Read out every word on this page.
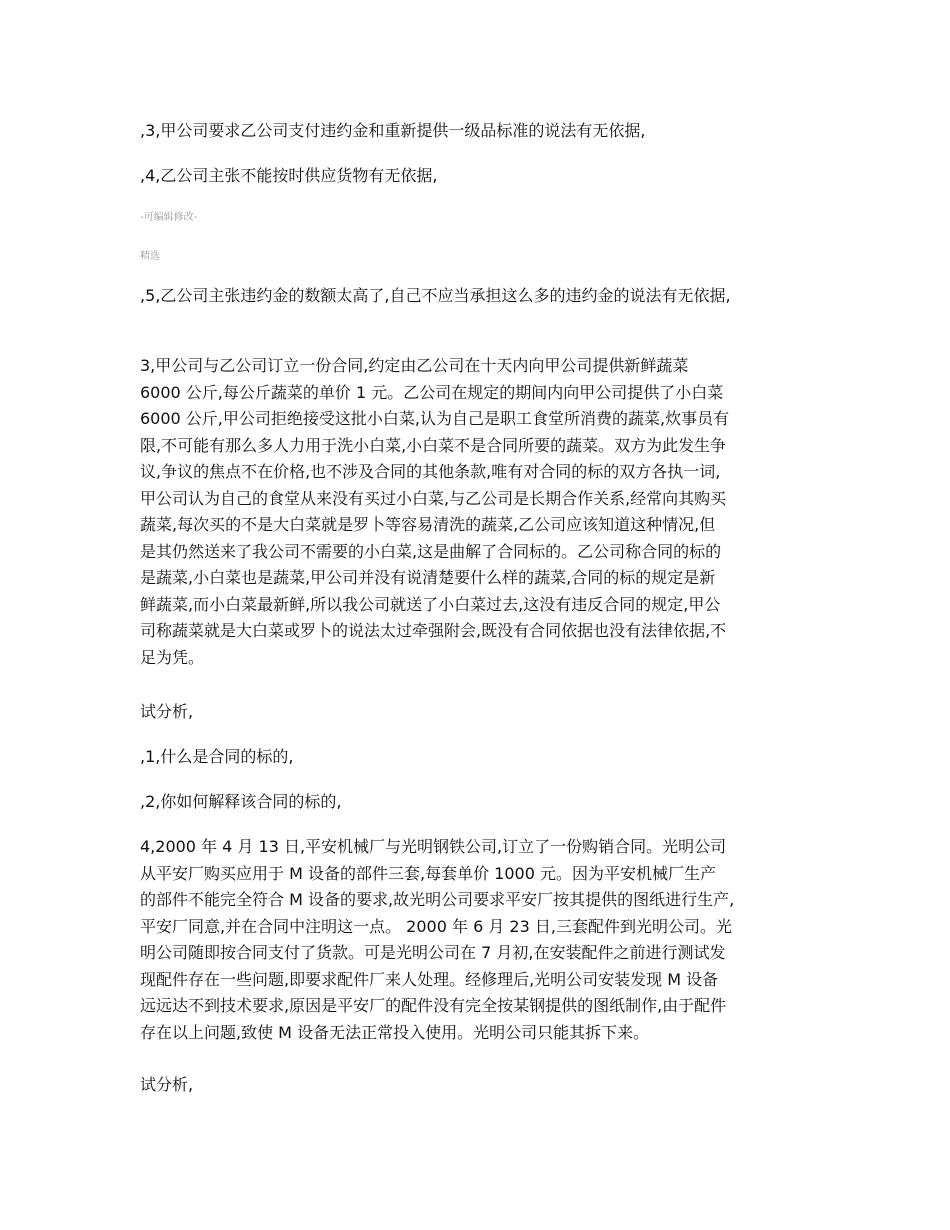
,3,甲公司要求乙公司支付违约金和重新提供一级品标准的说法有无依据,

,4,乙公司主张不能按时供应货物有无依据,

-可编辑修改-

精选

,5,乙公司主张违约金的数额太高了,自己不应当承担这么多的违约金的说法有无依据,

3,甲公司与乙公司订立一份合同,约定由乙公司在十天内向甲公司提供新鲜蔬菜
6000 公斤,每公斤蔬菜的单价 1 元。乙公司在规定的期间内向甲公司提供了小白菜
6000 公斤,甲公司拒绝接受这批小白菜,认为自己是职工食堂所消费的蔬菜,炊事员有
限,不可能有那么多人力用于洗小白菜,小白菜不是合同所要的蔬菜。双方为此发生争
议,争议的焦点不在价格,也不涉及合同的其他条款,唯有对合同的标的双方各执一词,
甲公司认为自己的食堂从来没有买过小白菜,与乙公司是长期合作关系,经常向其购买
蔬菜,每次买的不是大白菜就是罗卜等容易清洗的蔬菜,乙公司应该知道这种情况,但
是其仍然送来了我公司不需要的小白菜,这是曲解了合同标的。乙公司称合同的标的
是蔬菜,小白菜也是蔬菜,甲公司并没有说清楚要什么样的蔬菜,合同的标的规定是新
鲜蔬菜,而小白菜最新鲜,所以我公司就送了小白菜过去,这没有违反合同的规定,甲公
司称蔬菜就是大白菜或罗卜的说法太过牵强附会,既没有合同依据也没有法律依据,不
足为凭。

试分析,

,1,什么是合同的标的,

,2,你如何解释该合同的标的,

4,2000 年 4 月 13 日,平安机械厂与光明钢铁公司,订立了一份购销合同。光明公司
从平安厂购买应用于 M 设备的部件三套,每套单价 1000 元。因为平安机械厂生产
的部件不能完全符合 M 设备的要求,故光明公司要求平安厂按其提供的图纸进行生产,
平安厂同意,并在合同中注明这一点。 2000 年 6 月 23 日,三套配件到光明公司。光
明公司随即按合同支付了货款。可是光明公司在 7 月初,在安装配件之前进行测试发
现配件存在一些问题,即要求配件厂来人处理。经修理后,光明公司安装发现 M 设备
远远达不到技术要求,原因是平安厂的配件没有完全按某钢提供的图纸制作,由于配件
存在以上问题,致使 M 设备无法正常投入使用。光明公司只能其拆下来。

试分析,
